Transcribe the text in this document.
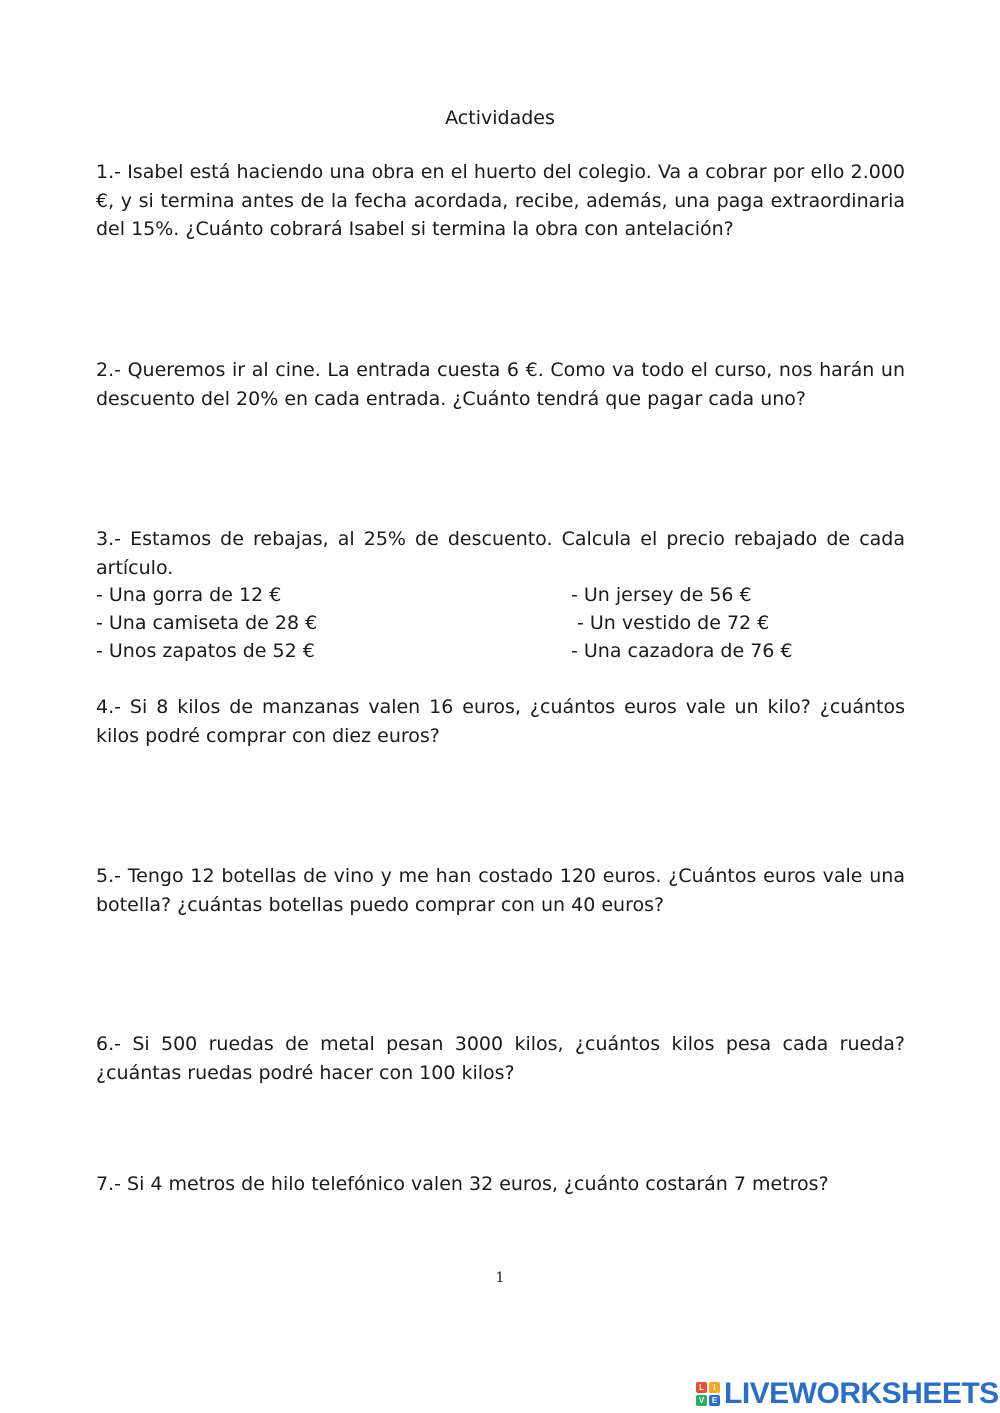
Actividades

1.- Isabel está haciendo una obra en el huerto del colegio. Va a cobrar por ello 2.000 €, y si termina antes de la fecha acordada, recibe, además, una paga extraordinaria del 15%. ¿Cuánto cobrará Isabel si termina la obra con antelación?

2.- Queremos ir al cine. La entrada cuesta 6 €. Como va todo el curso, nos harán un descuento del 20% en cada entrada. ¿Cuánto tendrá que pagar cada uno?

3.- Estamos de rebajas, al 25% de descuento. Calcula el precio rebajado de cada artículo.

- Una gorra de 12 €
- Una camiseta de 28 €
- Unos zapatos de 52 €
- Un jersey de 56 €
- Un vestido de 72 €
- Una cazadora de 76 €

4.- Si 8 kilos de manzanas valen 16 euros, ¿cuántos euros vale un kilo? ¿cuántos kilos podré comprar con diez euros?

5.- Tengo 12 botellas de vino y me han costado 120 euros. ¿Cuántos euros vale una botella? ¿cuántas botellas puedo comprar con un 40 euros?

6.- Si 500 ruedas de metal pesan 3000 kilos, ¿cuántos kilos pesa cada rueda? ¿cuántas ruedas podré hacer con 100 kilos?

7.- Si 4 metros de hilo telefónico valen 32 euros, ¿cuánto costarán 7 metros?

1
L	I
V E LIVEWORKSHEETS
